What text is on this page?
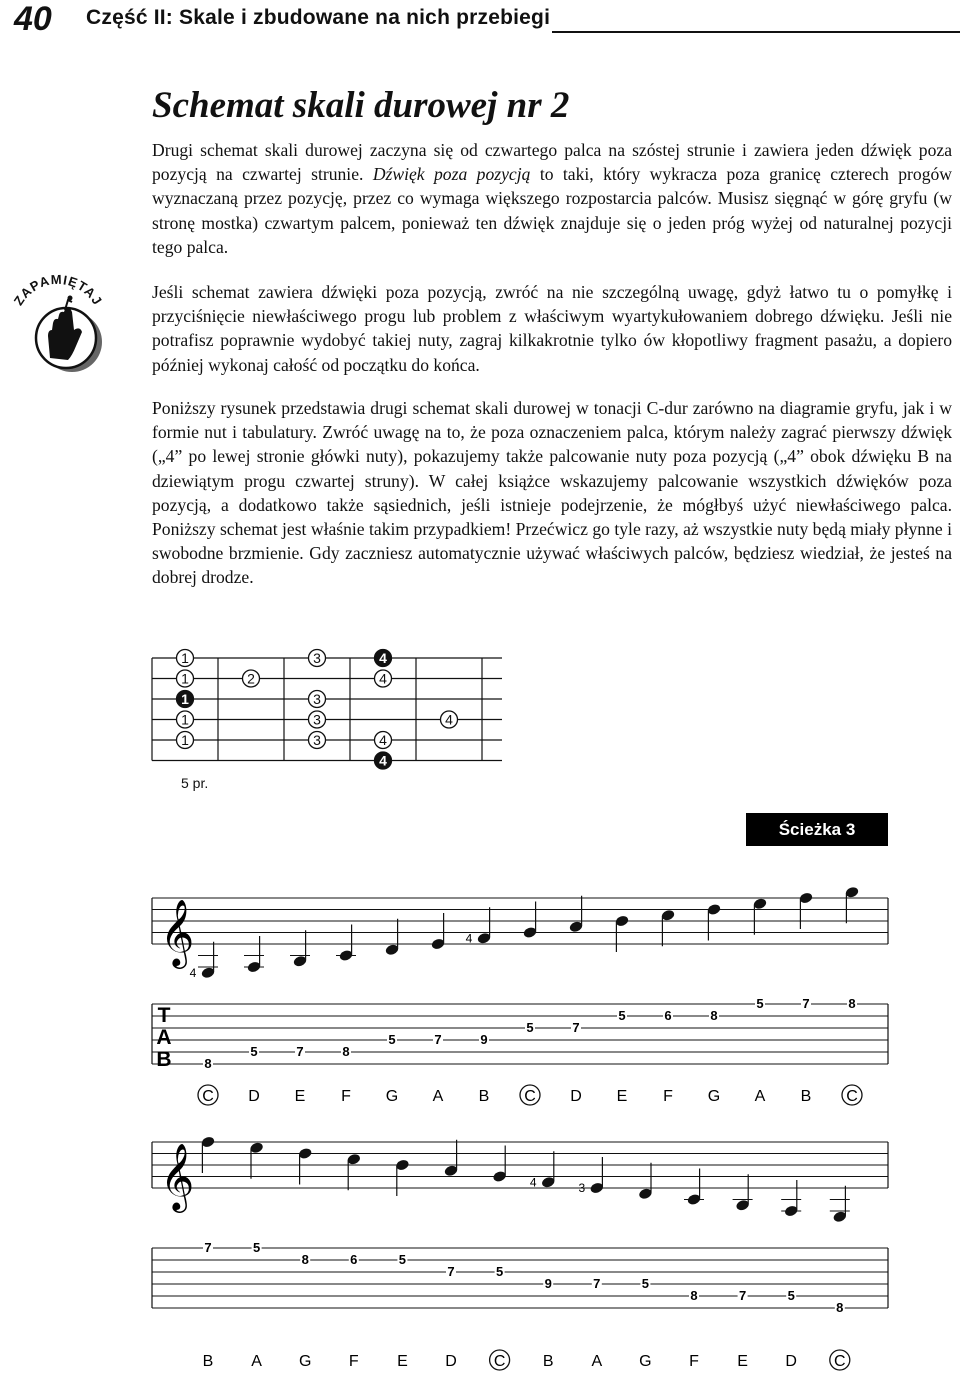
40 Część II: Skale i zbudowane na nich przebiegi
Schemat skali durowej nr 2
Drugi schemat skali durowej zaczyna się od czwartego palca na szóstej strunie i zawiera jeden dźwięk poza pozycją na czwartej strunie. Dźwięk poza pozycją to taki, który wykracza poza granicę czterech progów wyznaczaną przez pozycję, przez co wymaga większego rozpostarcia palców. Musisz sięgnąć w górę gryfu (w stronę mostka) czwartym palcem, ponieważ ten dźwięk znajduje się o jeden próg wyżej od naturalnej pozycji tego palca.
Jeśli schemat zawiera dźwięki poza pozycją, zwróć na nie szczególną uwagę, gdyż łatwo tu o pomyłkę i przyciśnięcie niewłaściwego progu lub problem z właściwym wyartykułowaniem dobrego dźwięku. Jeśli nie potrafisz poprawnie wydobyć takiej nuty, zagraj kilkakrotnie tylko ów kłopotliwy fragment pasażu, a dopiero później wykonaj całość od początku do końca.
Poniższy rysunek przedstawia drugi schemat skali durowej w tonacji C-dur zarówno na diagramie gryfu, jak i w formie nut i tabulatury. Zwróć uwagę na to, że poza oznaczeniem palca, którym należy zagrać pierwszy dźwięk („4” po lewej stronie główki nuty), pokazujemy także palcowanie nuty poza pozycją („4” obok dźwięku B na dziewiątym progu czwartej struny). W całej książce wskazujemy palcowanie wszystkich dźwięków poza pozycją, a dodatkowo także sąsiednich, jeśli istnieje podejrzenie, że mógłbyś użyć niewłaściwego palca. Poniższy schemat jest właśnie takim przypadkiem! Przećwicz go tyle razy, aż wszystkie nuty będą miały płynne i swobodne brzmienie. Gdy zaczniesz automatycznie używać właściwych palców, będziesz wiedział, że jesteś na dobrej drodze.
ZAPAMIĘTAJ
1	3	4
1	2	4
1	3
1	3	4
1	3	4
4
5 pr.
Ścieżka 3
𝄞
T
A
B
4
8
C
5
D
7
E
8
F
5
G
7
A
4
9
B
5
C
7
D
5
E
6
F
8
G
5
A
7
B
8
C
𝄞
7
B
5
A
8
G
6
F
5
E
7
D
5
C
4
9
B
3
7
A
5
G
8
F
7
E
5
D
8
C
